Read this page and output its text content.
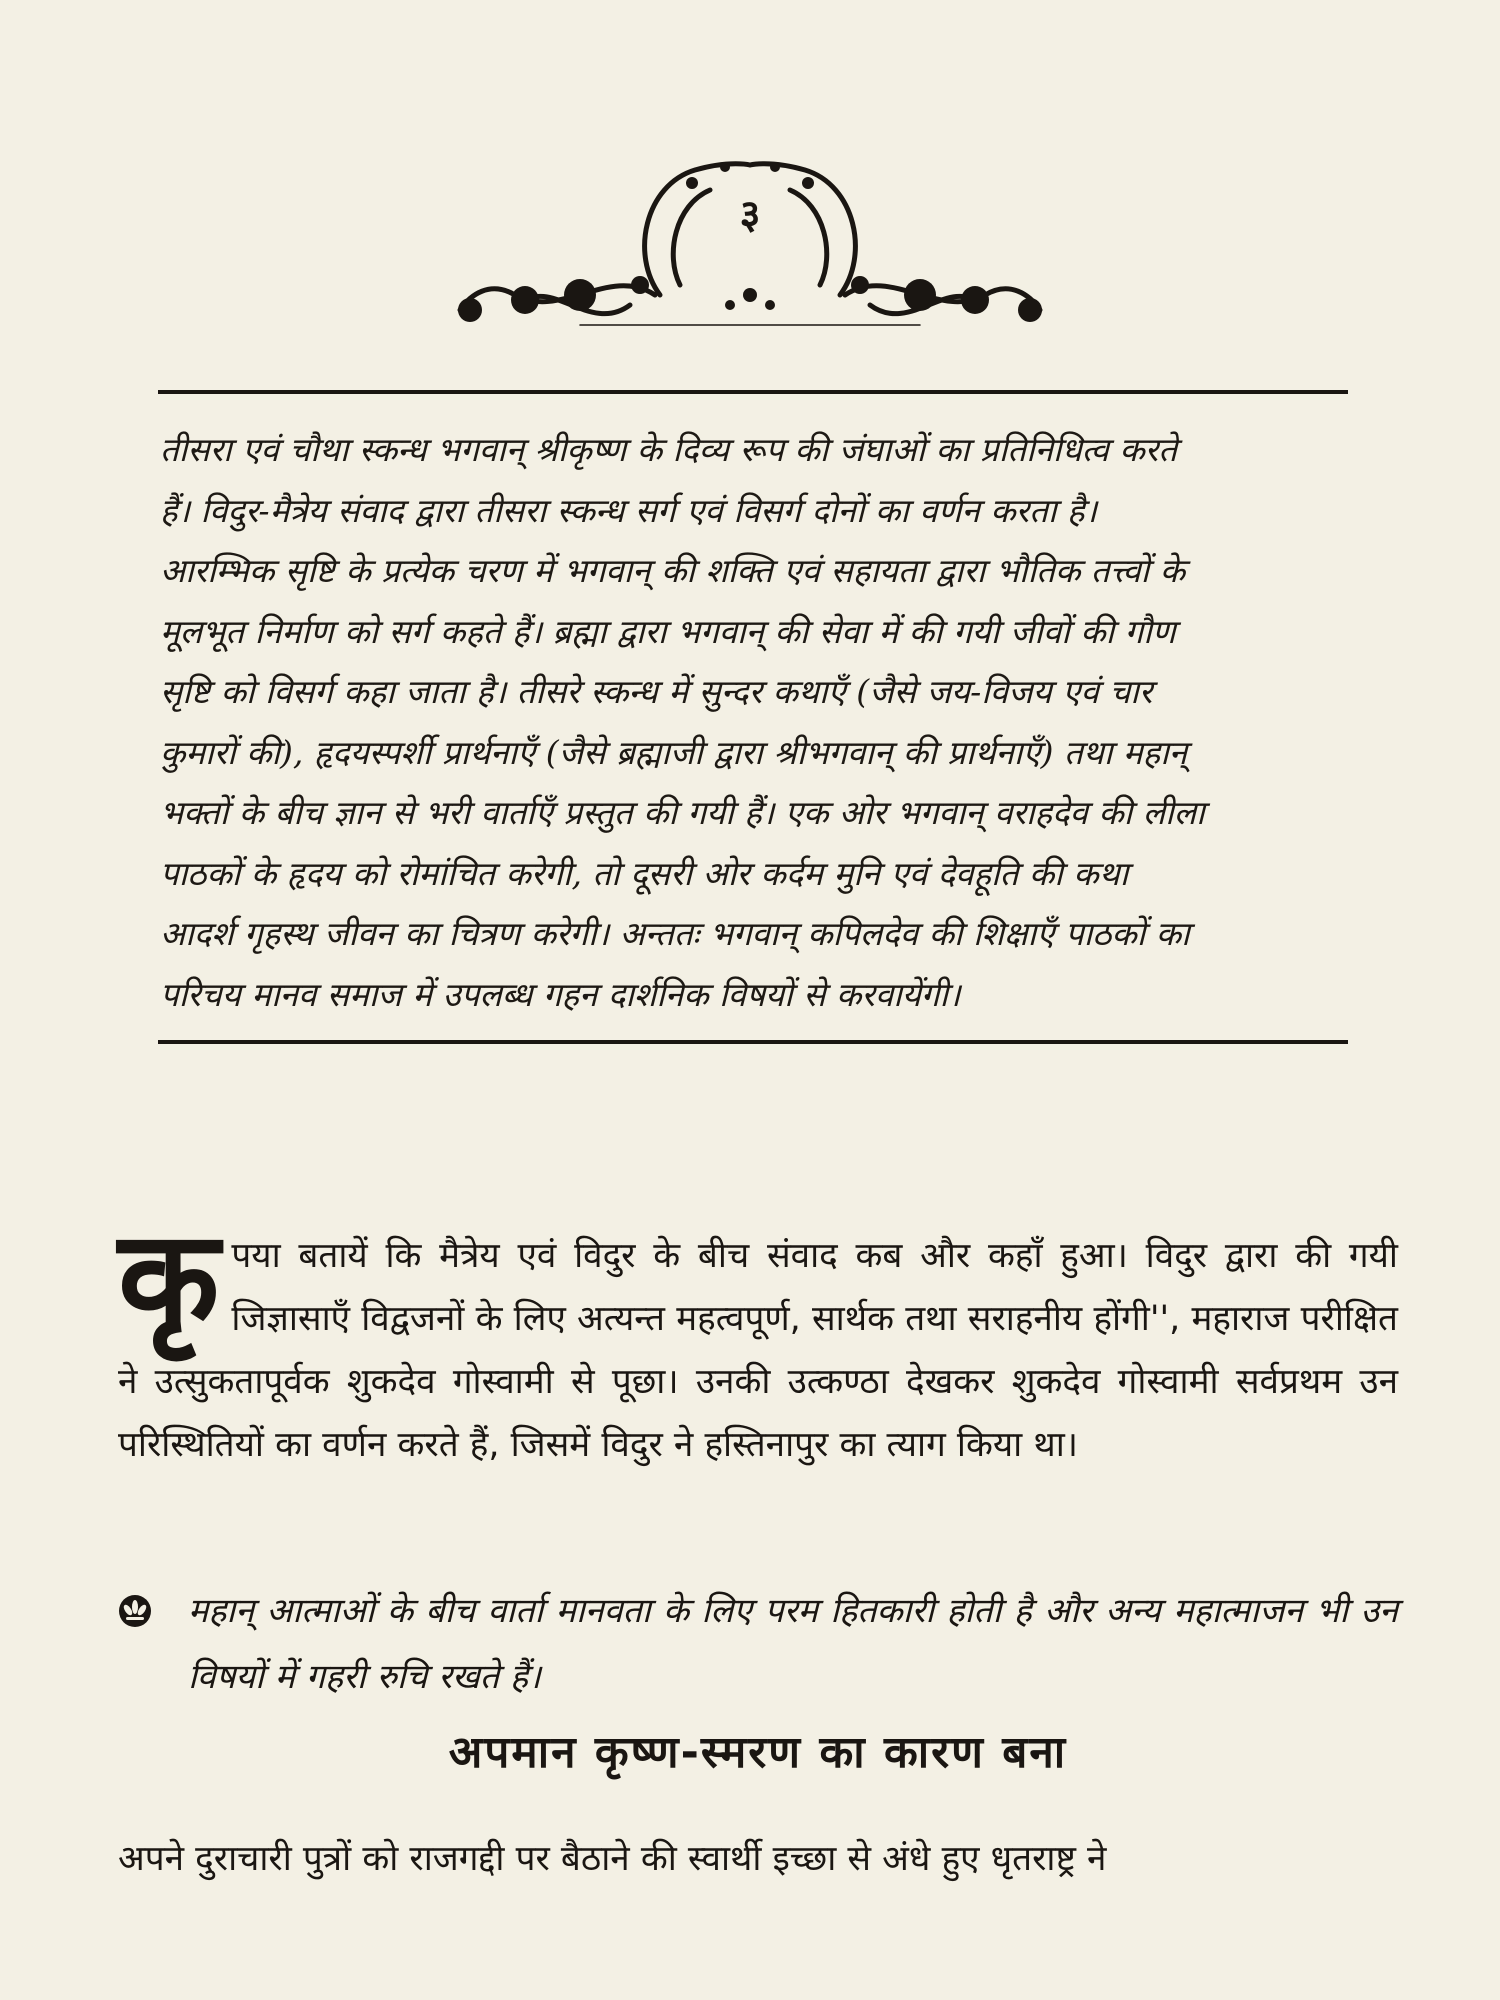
३
तीसरा एवं चौथा स्कन्ध भगवान् श्रीकृष्ण के दिव्य रूप की जंघाओं का प्रतिनिधित्व करते
हैं। विदुर-मैत्रेय संवाद द्वारा तीसरा स्कन्ध सर्ग एवं विसर्ग दोनों का वर्णन करता है।
आरम्भिक सृष्टि के प्रत्येक चरण में भगवान् की शक्ति एवं सहायता द्वारा भौतिक तत्त्वों के
मूलभूत निर्माण को सर्ग कहते हैं। ब्रह्मा द्वारा भगवान् की सेवा में की गयी जीवों की गौण
सृष्टि को विसर्ग कहा जाता है। तीसरे स्कन्ध में सुन्दर कथाएँ (जैसे जय-विजय एवं चार
कुमारों की), हृदयस्पर्शी प्रार्थनाएँ (जैसे ब्रह्माजी द्वारा श्रीभगवान् की प्रार्थनाएँ) तथा महान्
भक्तों के बीच ज्ञान से भरी वार्ताएँ प्रस्तुत की गयी हैं। एक ओर भगवान् वराहदेव की लीला
पाठकों के हृदय को रोमांचित करेगी, तो दूसरी ओर कर्दम मुनि एवं देवहूति की कथा
आदर्श गृहस्थ जीवन का चित्रण करेगी। अन्ततः भगवान् कपिलदेव की शिक्षाएँ पाठकों का
परिचय मानव समाज में उपलब्ध गहन दार्शनिक विषयों से करवायेंगी।
कृ पया बतायें कि मैत्रेय एवं विदुर के बीच संवाद कब और कहाँ हुआ। विदुर द्वारा की गयी जिज्ञासाएँ विद्वजनों के लिए अत्यन्त महत्वपूर्ण, सार्थक तथा सराहनीय होंगी'', महाराज परीक्षित ने उत्सुकतापूर्वक शुकदेव गोस्वामी से पूछा। उनकी उत्कण्ठा देखकर शुकदेव गोस्वामी सर्वप्रथम उन परिस्थितियों का वर्णन करते हैं, जिसमें विदुर ने हस्तिनापुर का त्याग किया था।
महान् आत्माओं के बीच वार्ता मानवता के लिए परम हितकारी होती है और अन्य महात्माजन भी उन विषयों में गहरी रुचि रखते हैं।
अपमान कृष्ण-स्मरण का कारण बना
अपने दुराचारी पुत्रों को राजगद्दी पर बैठाने की स्वार्थी इच्छा से अंधे हुए धृतराष्ट्र ने
